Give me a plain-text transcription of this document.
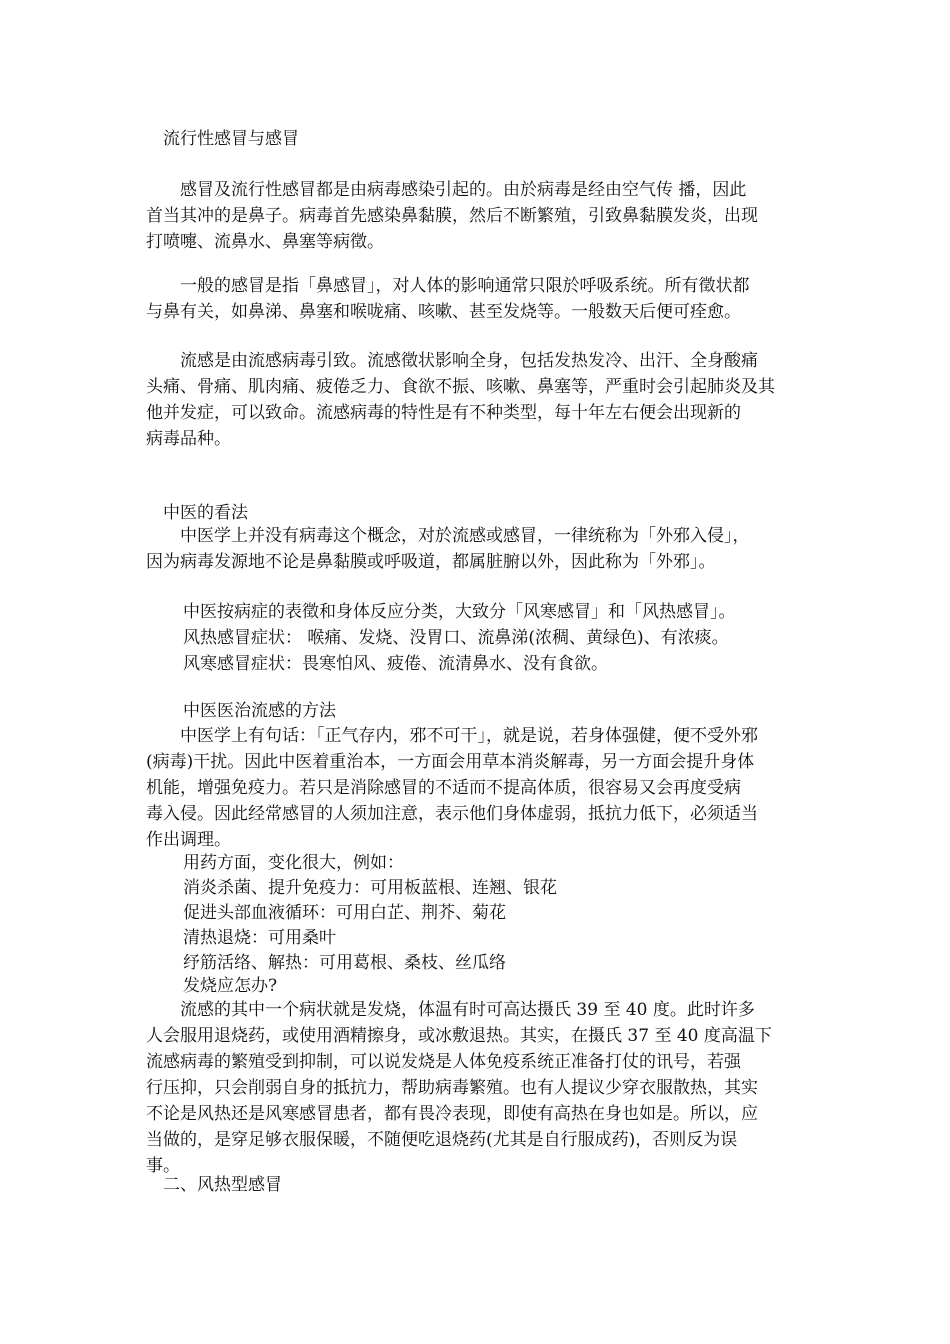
流行性感冒与感冒
　　感冒及流行性感冒都是由病毒感染引起的。由於病毒是经由空气传 播，因此
首当其冲的是鼻子。病毒首先感染鼻黏膜，然后不断繁殖，引致鼻黏膜发炎，出现
打喷嚏、流鼻水、鼻塞等病徵。
　　一般的感冒是指「鼻感冒」，对人体的影响通常只限於呼吸系统。所有徵状都
与鼻有关，如鼻涕、鼻塞和喉咙痛、咳嗽、甚至发烧等。一般数天后便可痊愈。
　　流感是由流感病毒引致。流感徵状影响全身，包括发热发冷、出汗、全身酸痛
头痛、骨痛、肌肉痛、疲倦乏力、食欲不振、咳嗽、鼻塞等，严重时会引起肺炎及其
他并发症，可以致命。流感病毒的特性是有不种类型，每十年左右便会出现新的
病毒品种。
中医的看法
　　中医学上并没有病毒这个概念，对於流感或感冒，一律统称为「外邪入侵」，
因为病毒发源地不论是鼻黏膜或呼吸道，都属脏腑以外，因此称为「外邪」。
中医按病症的表徵和身体反应分类，大致分「风寒感冒」和「风热感冒」。
风热感冒症状： 喉痛、发烧、没胃口、流鼻涕(浓稠、黄绿色)、有浓痰。
风寒感冒症状：畏寒怕风、疲倦、流清鼻水、没有食欲。
中医医治流感的方法
　　中医学上有句话：「正气存内，邪不可干」，就是说，若身体强健，便不受外邪
(病毒)干扰。因此中医着重治本，一方面会用草本消炎解毒，另一方面会提升身体
机能，增强免疫力。若只是消除感冒的不适而不提高体质，很容易又会再度受病
毒入侵。因此经常感冒的人须加注意，表示他们身体虚弱，抵抗力低下，必须适当
作出调理。
用药方面，变化很大，例如：
消炎杀菌、提升免疫力：可用板蓝根、连翘、银花
促进头部血液循环：可用白芷、荆芥、菊花
清热退烧：可用桑叶
纾筋活络、解热：可用葛根、桑枝、丝瓜络
发烧应怎办?
　　流感的其中一个病状就是发烧，体温有时可高达摄氏 39 至 40 度。此时许多
人会服用退烧药，或使用酒精擦身，或冰敷退热。其实，在摄氏 37 至 40 度高温下
流感病毒的繁殖受到抑制，可以说发烧是人体免疫系统正准备打仗的讯号，若强
行压抑，只会削弱自身的抵抗力，帮助病毒繁殖。也有人提议少穿衣服散热，其实
不论是风热还是风寒感冒患者，都有畏冷表现，即使有高热在身也如是。所以，应
当做的，是穿足够衣服保暖，不随便吃退烧药(尤其是自行服成药)，否则反为误
事。
二、风热型感冒
